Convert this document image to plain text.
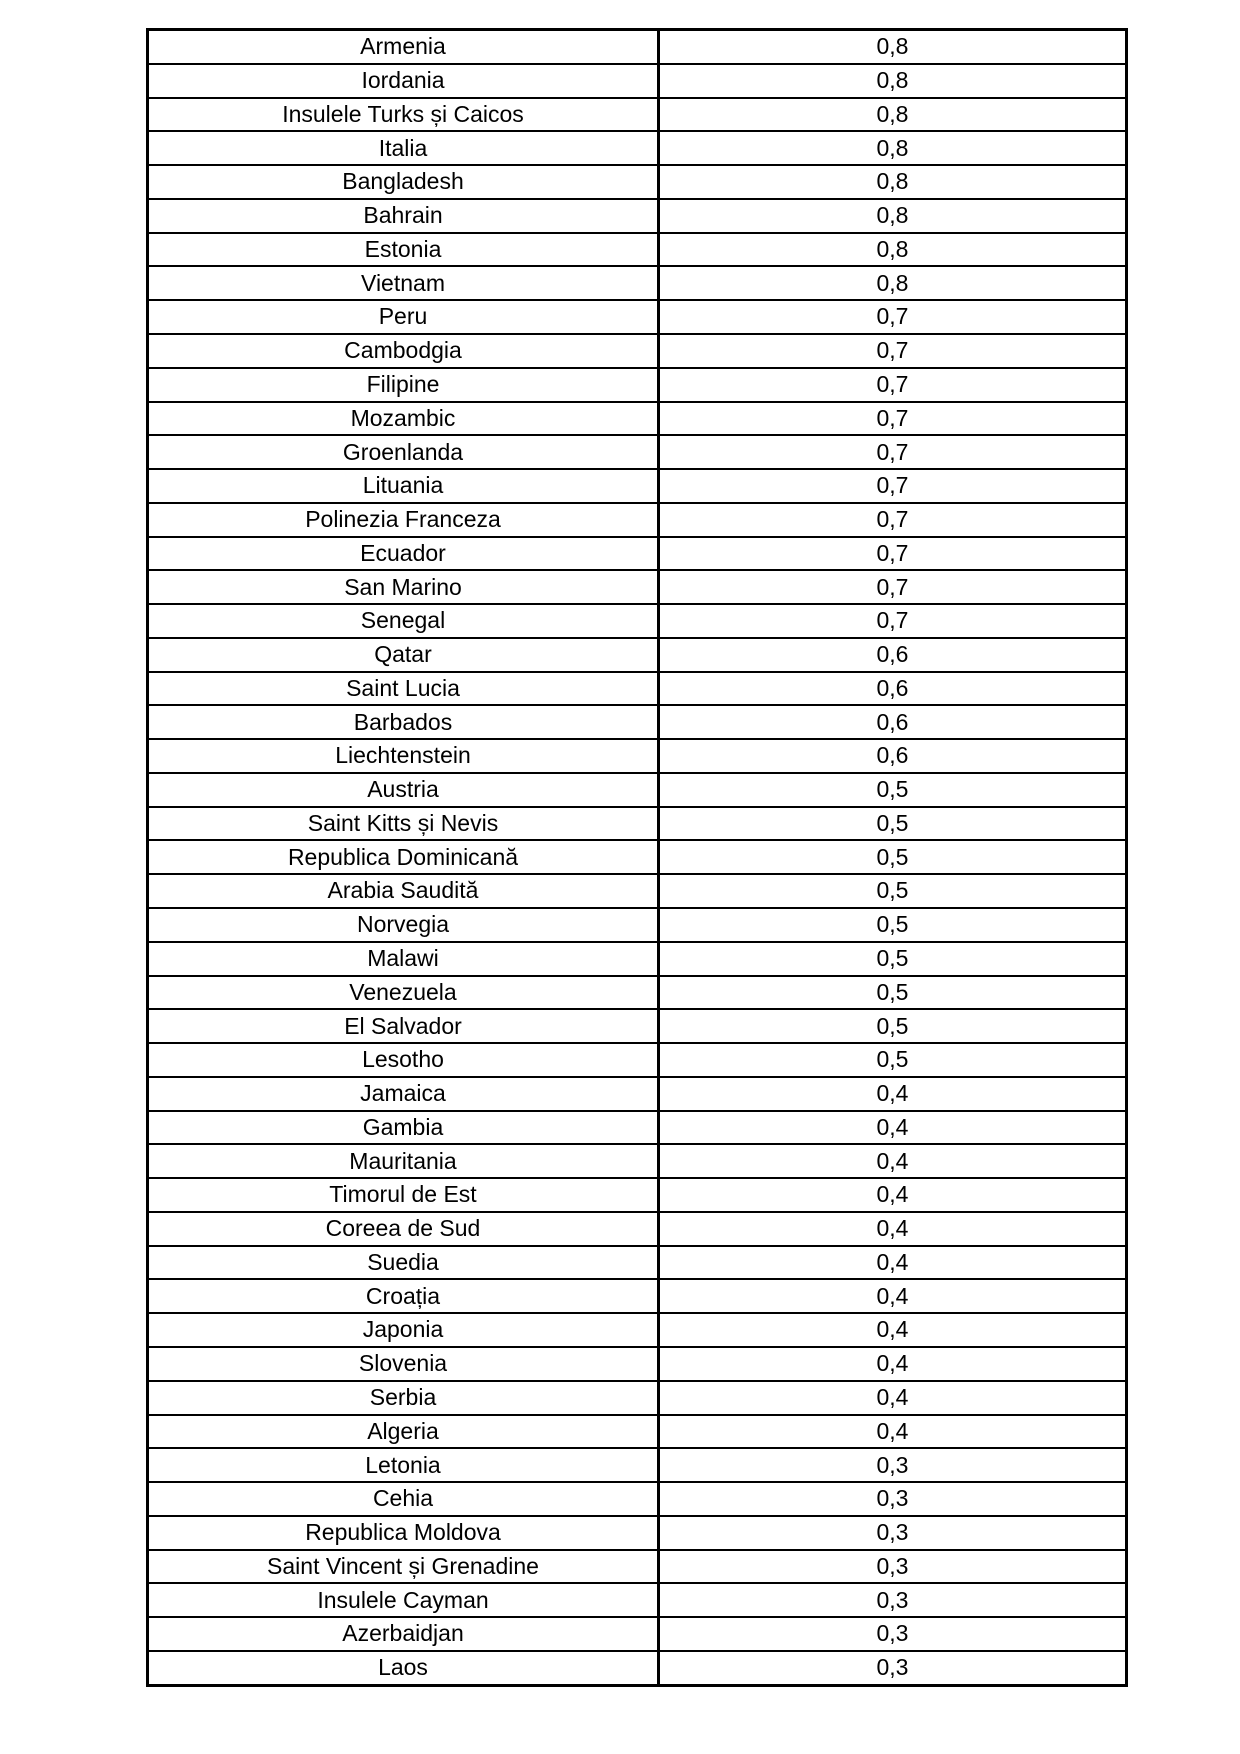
Armenia	0,8
Iordania	0,8
Insulele Turks și Caicos	0,8
Italia	0,8
Bangladesh	0,8
Bahrain	0,8
Estonia	0,8
Vietnam	0,8
Peru	0,7
Cambodgia	0,7
Filipine	0,7
Mozambic	0,7
Groenlanda	0,7
Lituania	0,7
Polinezia Franceza	0,7
Ecuador	0,7
San Marino	0,7
Senegal	0,7
Qatar	0,6
Saint Lucia	0,6
Barbados	0,6
Liechtenstein	0,6
Austria	0,5
Saint Kitts și Nevis	0,5
Republica Dominicană	0,5
Arabia Saudită	0,5
Norvegia	0,5
Malawi	0,5
Venezuela	0,5
El Salvador	0,5
Lesotho	0,5
Jamaica	0,4
Gambia	0,4
Mauritania	0,4
Timorul de Est	0,4
Coreea de Sud	0,4
Suedia	0,4
Croația	0,4
Japonia	0,4
Slovenia	0,4
Serbia	0,4
Algeria	0,4
Letonia	0,3
Cehia	0,3
Republica Moldova	0,3
Saint Vincent și Grenadine	0,3
Insulele Cayman	0,3
Azerbaidjan	0,3
Laos	0,3
